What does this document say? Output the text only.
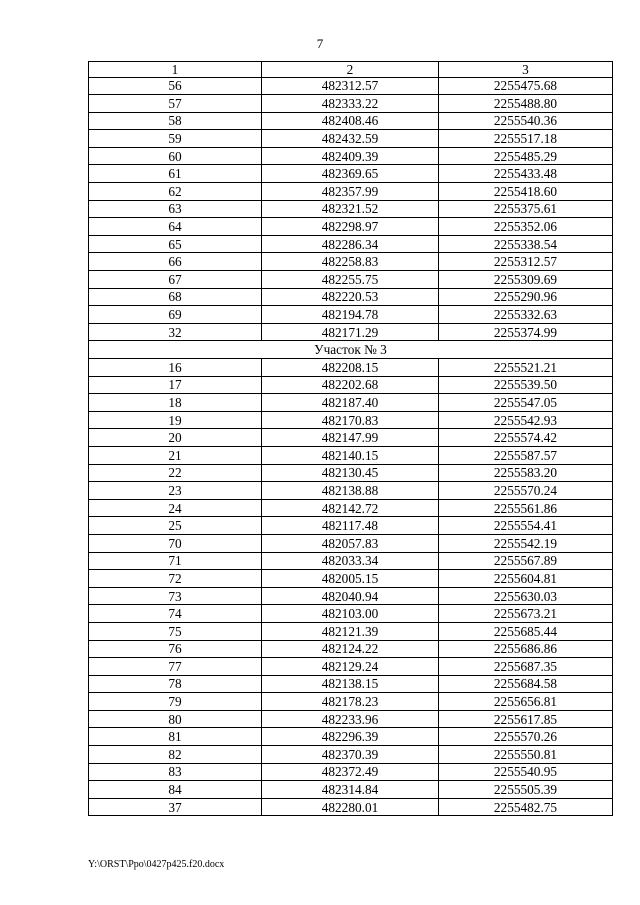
7
1	2	3
56	482312.57	2255475.68
57	482333.22	2255488.80
58	482408.46	2255540.36
59	482432.59	2255517.18
60	482409.39	2255485.29
61	482369.65	2255433.48
62	482357.99	2255418.60
63	482321.52	2255375.61
64	482298.97	2255352.06
65	482286.34	2255338.54
66	482258.83	2255312.57
67	482255.75	2255309.69
68	482220.53	2255290.96
69	482194.78	2255332.63
32	482171.29	2255374.99
Участок № 3		
16	482208.15	2255521.21
17	482202.68	2255539.50
18	482187.40	2255547.05
19	482170.83	2255542.93
20	482147.99	2255574.42
21	482140.15	2255587.57
22	482130.45	2255583.20
23	482138.88	2255570.24
24	482142.72	2255561.86
25	482117.48	2255554.41
70	482057.83	2255542.19
71	482033.34	2255567.89
72	482005.15	2255604.81
73	482040.94	2255630.03
74	482103.00	2255673.21
75	482121.39	2255685.44
76	482124.22	2255686.86
77	482129.24	2255687.35
78	482138.15	2255684.58
79	482178.23	2255656.81
80	482233.96	2255617.85
81	482296.39	2255570.26
82	482370.39	2255550.81
83	482372.49	2255540.95
84	482314.84	2255505.39
37	482280.01	2255482.75
Y:\ORST\Ppo\0427p425.f20.docx
